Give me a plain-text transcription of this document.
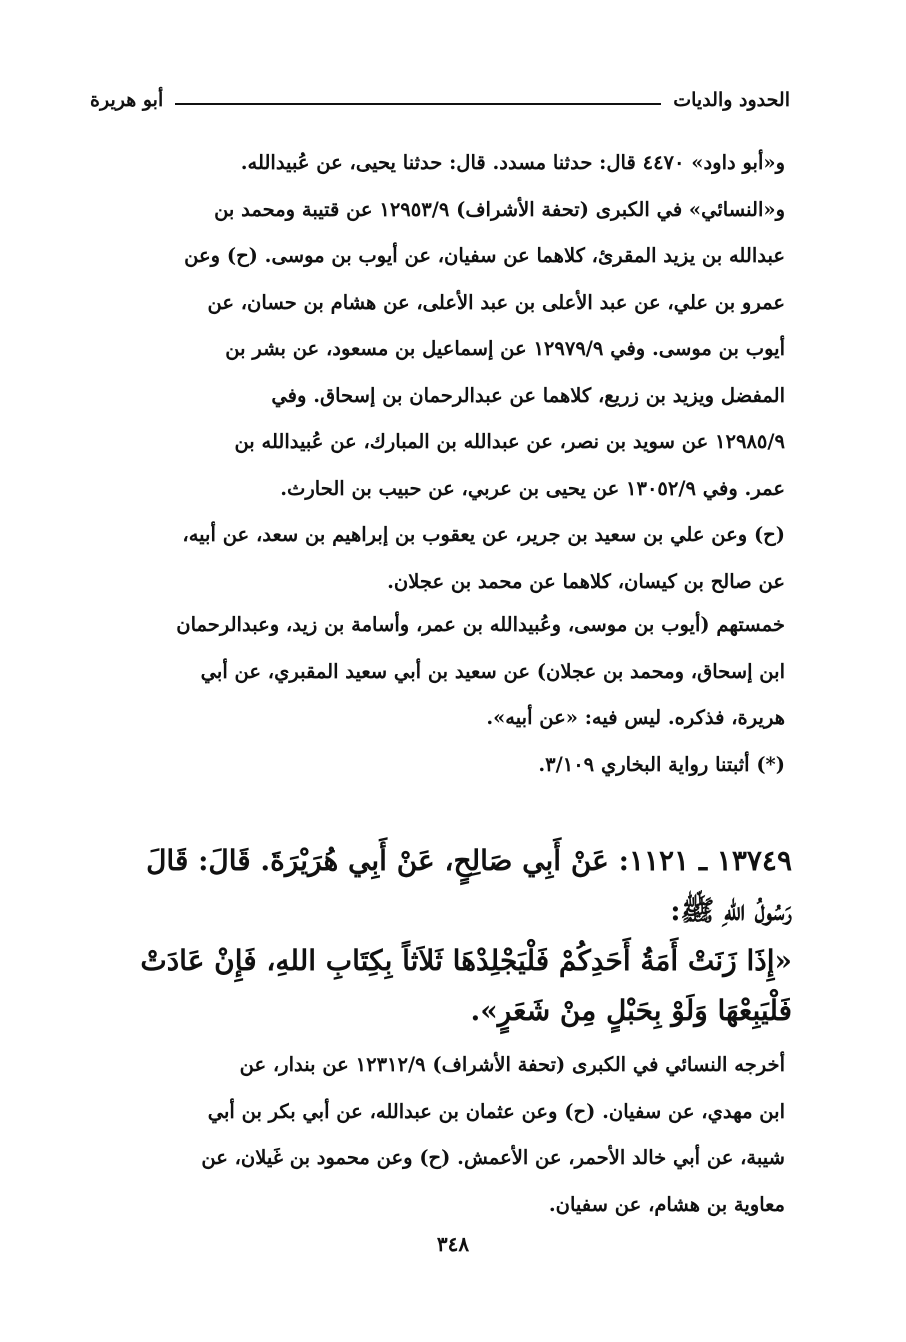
الحدود والديات
أبو هريرة
و«أبو داود» ٤٤٧٠ قال: حدثنا مسدد. قال: حدثنا يحيى، عن عُبيدالله.
و«النسائي» في الكبرى (تحفة الأشراف) ١٢٩٥٣/٩ عن قتيبة ومحمد بن
عبدالله بن يزيد المقرئ، كلاهما عن سفيان، عن أيوب بن موسى. (ح) وعن
عمرو بن علي، عن عبد الأعلى بن عبد الأعلى، عن هشام بن حسان، عن
أيوب بن موسى. وفي ١٢٩٧٩/٩ عن إسماعيل بن مسعود، عن بشر بن
المفضل ويزيد بن زريع، كلاهما عن عبدالرحمان بن إسحاق. وفي
١٢٩٨٥/٩ عن سويد بن نصر، عن عبدالله بن المبارك، عن عُبيدالله بن
عمر. وفي ١٣٠٥٢/٩ عن يحيى بن عربي، عن حبيب بن الحارث.
(ح) وعن علي بن سعيد بن جرير، عن يعقوب بن إبراهيم بن سعد، عن أبيه،
عن صالح بن كيسان، كلاهما عن محمد بن عجلان.
خمستهم (أيوب بن موسى، وعُبيدالله بن عمر، وأسامة بن زيد، وعبدالرحمان
ابن إسحاق، ومحمد بن عجلان) عن سعيد بن أبي سعيد المقبري، عن أبي
هريرة، فذكره. ليس فيه: «عن أبيه».
(*) أثبتنا رواية البخاري ٣/١٠٩.
١٣٧٤٩ ـ ١١٢١: عَنْ أَبِي صَالِحٍ، عَنْ أَبِي هُرَيْرَةَ. قَالَ: قَالَ
رَسُولُ اللهِ ﷺ:
«إِذَا زَنَتْ أَمَةُ أَحَدِكُمْ فَلْيَجْلِدْهَا ثَلاَثاً بِكِتَابِ اللهِ، فَإِنْ عَادَتْ
فَلْيَبِعْهَا وَلَوْ بِحَبْلٍ مِنْ شَعَرٍ».
أخرجه النسائي في الكبرى (تحفة الأشراف) ١٢٣١٢/٩ عن بندار، عن
ابن مهدي، عن سفيان. (ح) وعن عثمان بن عبدالله، عن أبي بكر بن أبي
شيبة، عن أبي خالد الأحمر، عن الأعمش. (ح) وعن محمود بن غَيلان، عن
معاوية بن هشام، عن سفيان.
٣٤٨
